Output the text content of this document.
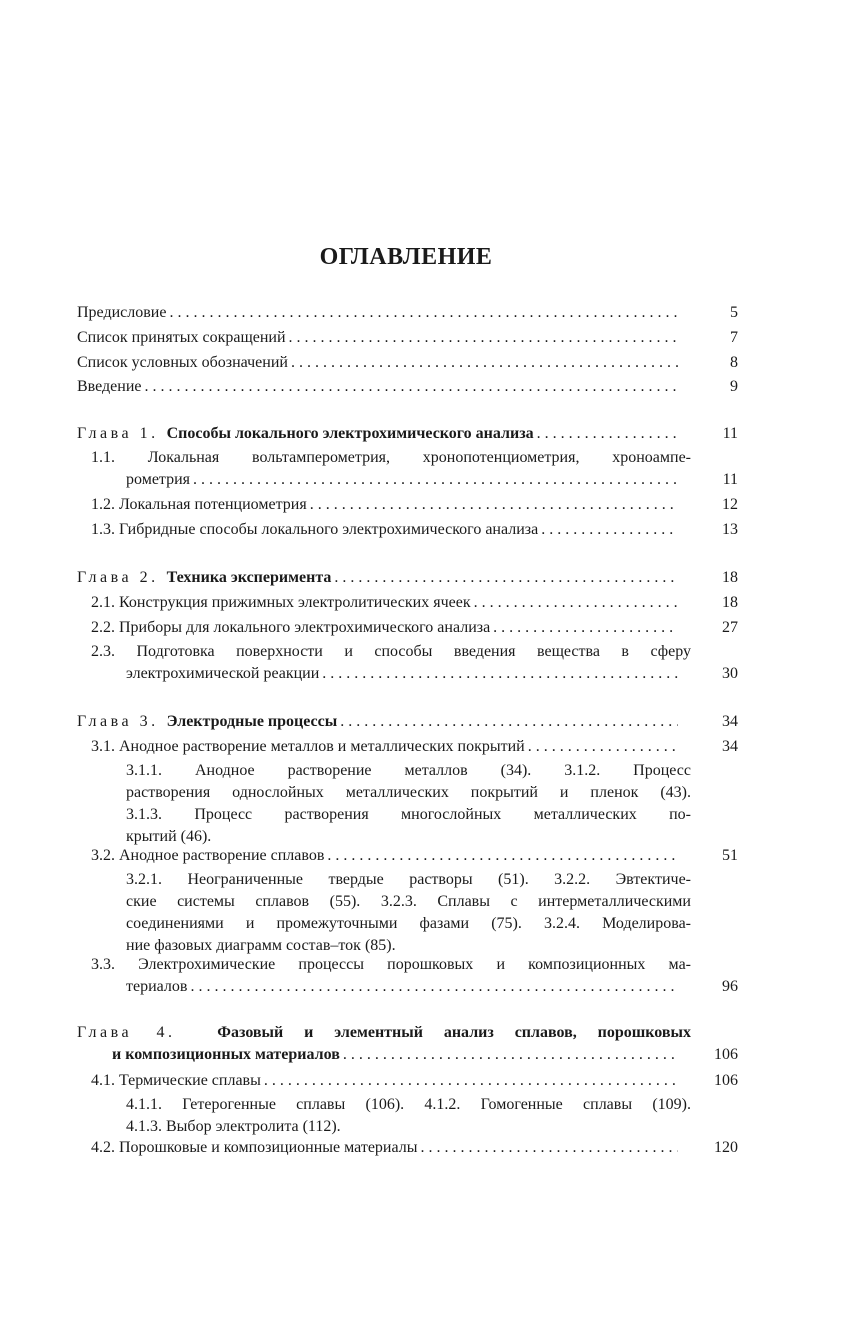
ОГЛАВЛЕНИЕ
Предисловие . . .	5
Список принятых сокращений . . .	7
Список условных обозначений . . .	8
Введение . . .	9
Глава 1. Способы локального электрохимического анализа . . .	11
1.1. Локальная вольтамперометрия, хронопотенциометрия, хроноампе-
рометрия . . .	11
1.2. Локальная потенциометрия . . .	12
1.3. Гибридные способы локального электрохимического анализа . . .	13
Глава 2. Техника эксперимента . . .	18
2.1. Конструкция прижимных электролитических ячеек . . .	18
2.2. Приборы для локального электрохимического анализа . . .	27
2.3. Подготовка поверхности и способы введения вещества в сферу
электрохимической реакции . . .	30
Глава 3. Электродные процессы . . .	34
3.1. Анодное растворение металлов и металлических покрытий . . .	34
3.1.1. Анодное растворение металлов (34). 3.1.2. Процесс
растворения однослойных металлических покрытий и пленок (43).
3.1.3. Процесс растворения многослойных металлических по-
крытий (46).
3.2. Анодное растворение сплавов . . .	51
3.2.1. Неограниченные твердые растворы (51). 3.2.2. Эвтектиче-
ские системы сплавов (55). 3.2.3. Сплавы с интерметаллическими
соединениями и промежуточными фазами (75). 3.2.4. Моделирова-
ние фазовых диаграмм состав–ток (85).
3.3. Электрохимические процессы порошковых и композиционных ма-
териалов . . .	96
Глава 4.	Фазовый и элементный анализ сплавов, порошковых
и композиционных материалов . . .	106
4.1. Термические сплавы . . .	106
4.1.1. Гетерогенные сплавы (106). 4.1.2. Гомогенные сплавы (109).
4.1.3. Выбор электролита (112).
4.2. Порошковые и композиционные материалы . . .	120
